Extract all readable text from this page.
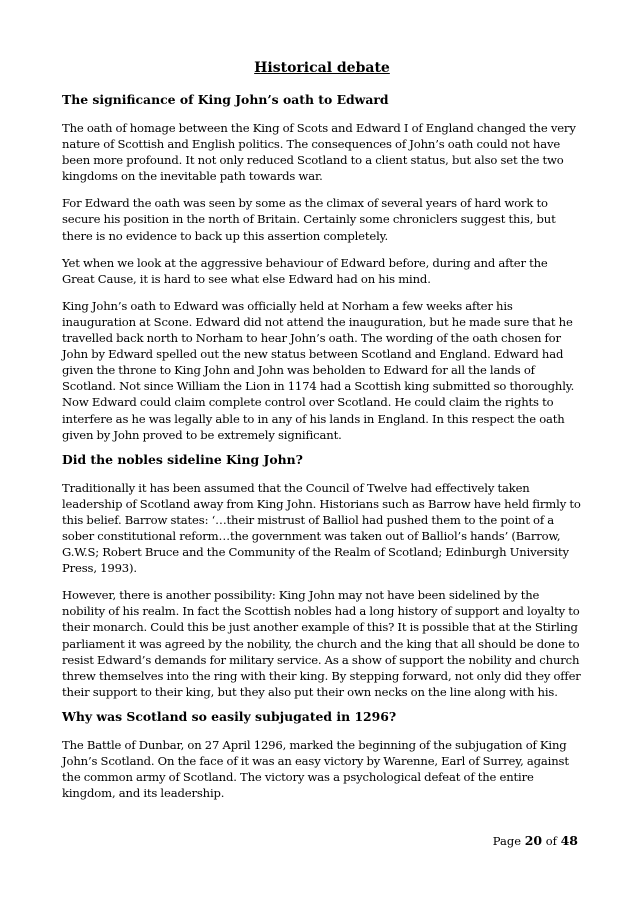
Historical debate
The significance of King John’s oath to Edward

The oath of homage between the King of Scots and Edward I of England changed the very nature of Scottish and English politics. The consequences of John’s oath could not have been more profound. It not only reduced Scotland to a client status, but also set the two kingdoms on the inevitable path towards war.

For Edward the oath was seen by some as the climax of several years of hard work to secure his position in the north of Britain. Certainly some chroniclers suggest this, but there is no evidence to back up this assertion completely.

Yet when we look at the aggressive behaviour of Edward before, during and after the Great Cause, it is hard to see what else Edward had on his mind.

King John’s oath to Edward was officially held at Norham a few weeks after his inauguration at Scone. Edward did not attend the inauguration, but he made sure that he travelled back north to Norham to hear John’s oath. The wording of the oath chosen for John by Edward spelled out the new status between Scotland and England. Edward had given the throne to King John and John was beholden to Edward for all the lands of Scotland. Not since William the Lion in 1174 had a Scottish king submitted so thoroughly. Now Edward could claim complete control over Scotland. He could claim the rights to interfere as he was legally able to in any of his lands in England. In this respect the oath given by John proved to be extremely significant.

Did the nobles sideline King John?

Traditionally it has been assumed that the Council of Twelve had effectively taken leadership of Scotland away from King John. Historians such as Barrow have held firmly to this belief. Barrow states: ‘…their mistrust of Balliol had pushed them to the point of a sober constitutional reform…the government was taken out of Balliol’s hands’ (Barrow, G.W.S; Robert Bruce and the Community of the Realm of Scotland; Edinburgh University Press, 1993).

However, there is another possibility: King John may not have been sidelined by the nobility of his realm. In fact the Scottish nobles had a long history of support and loyalty to their monarch. Could this be just another example of this? It is possible that at the Stirling parliament it was agreed by the nobility, the church and the king that all should be done to resist Edward’s demands for military service. As a show of support the nobility and church threw themselves into the ring with their king. By stepping forward, not only did they offer their support to their king, but they also put their own necks on the line along with his.

Why was Scotland so easily subjugated in 1296?

The Battle of Dunbar, on 27 April 1296, marked the beginning of the subjugation of King John’s Scotland. On the face of it was an easy victory by Warenne, Earl of Surrey, against the common army of Scotland. The victory was a psychological defeat of the entire kingdom, and its leadership.

Page 20 of 48
